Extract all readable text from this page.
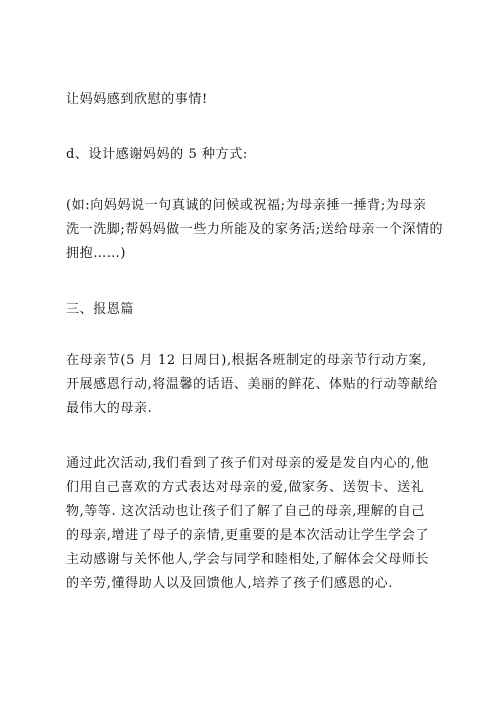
让妈妈感到欣慰的事情!
d、设计感谢妈妈的 5 种方式:
(如:向妈妈说一句真诚的问候或祝福;为母亲捶一捶背;为母亲
洗一洗脚;帮妈妈做一些力所能及的家务活;送给母亲一个深情的
拥抱……)
三、报恩篇
在母亲节(5 月 12 日周日),根据各班制定的母亲节行动方案,
开展感恩行动,将温馨的话语、美丽的鲜花、体贴的行动等献给
最伟大的母亲.
通过此次活动,我们看到了孩子们对母亲的爱是发自内心的,他
们用自己喜欢的方式表达对母亲的爱,做家务、送贺卡、送礼
物,等等. 这次活动也让孩子们了解了自己的母亲,理解的自己
的母亲,增进了母子的亲情,更重要的是本次活动让学生学会了
主动感谢与关怀他人,学会与同学和睦相处,了解体会父母师长
的辛劳,懂得助人以及回馈他人,培养了孩子们感恩的心.
